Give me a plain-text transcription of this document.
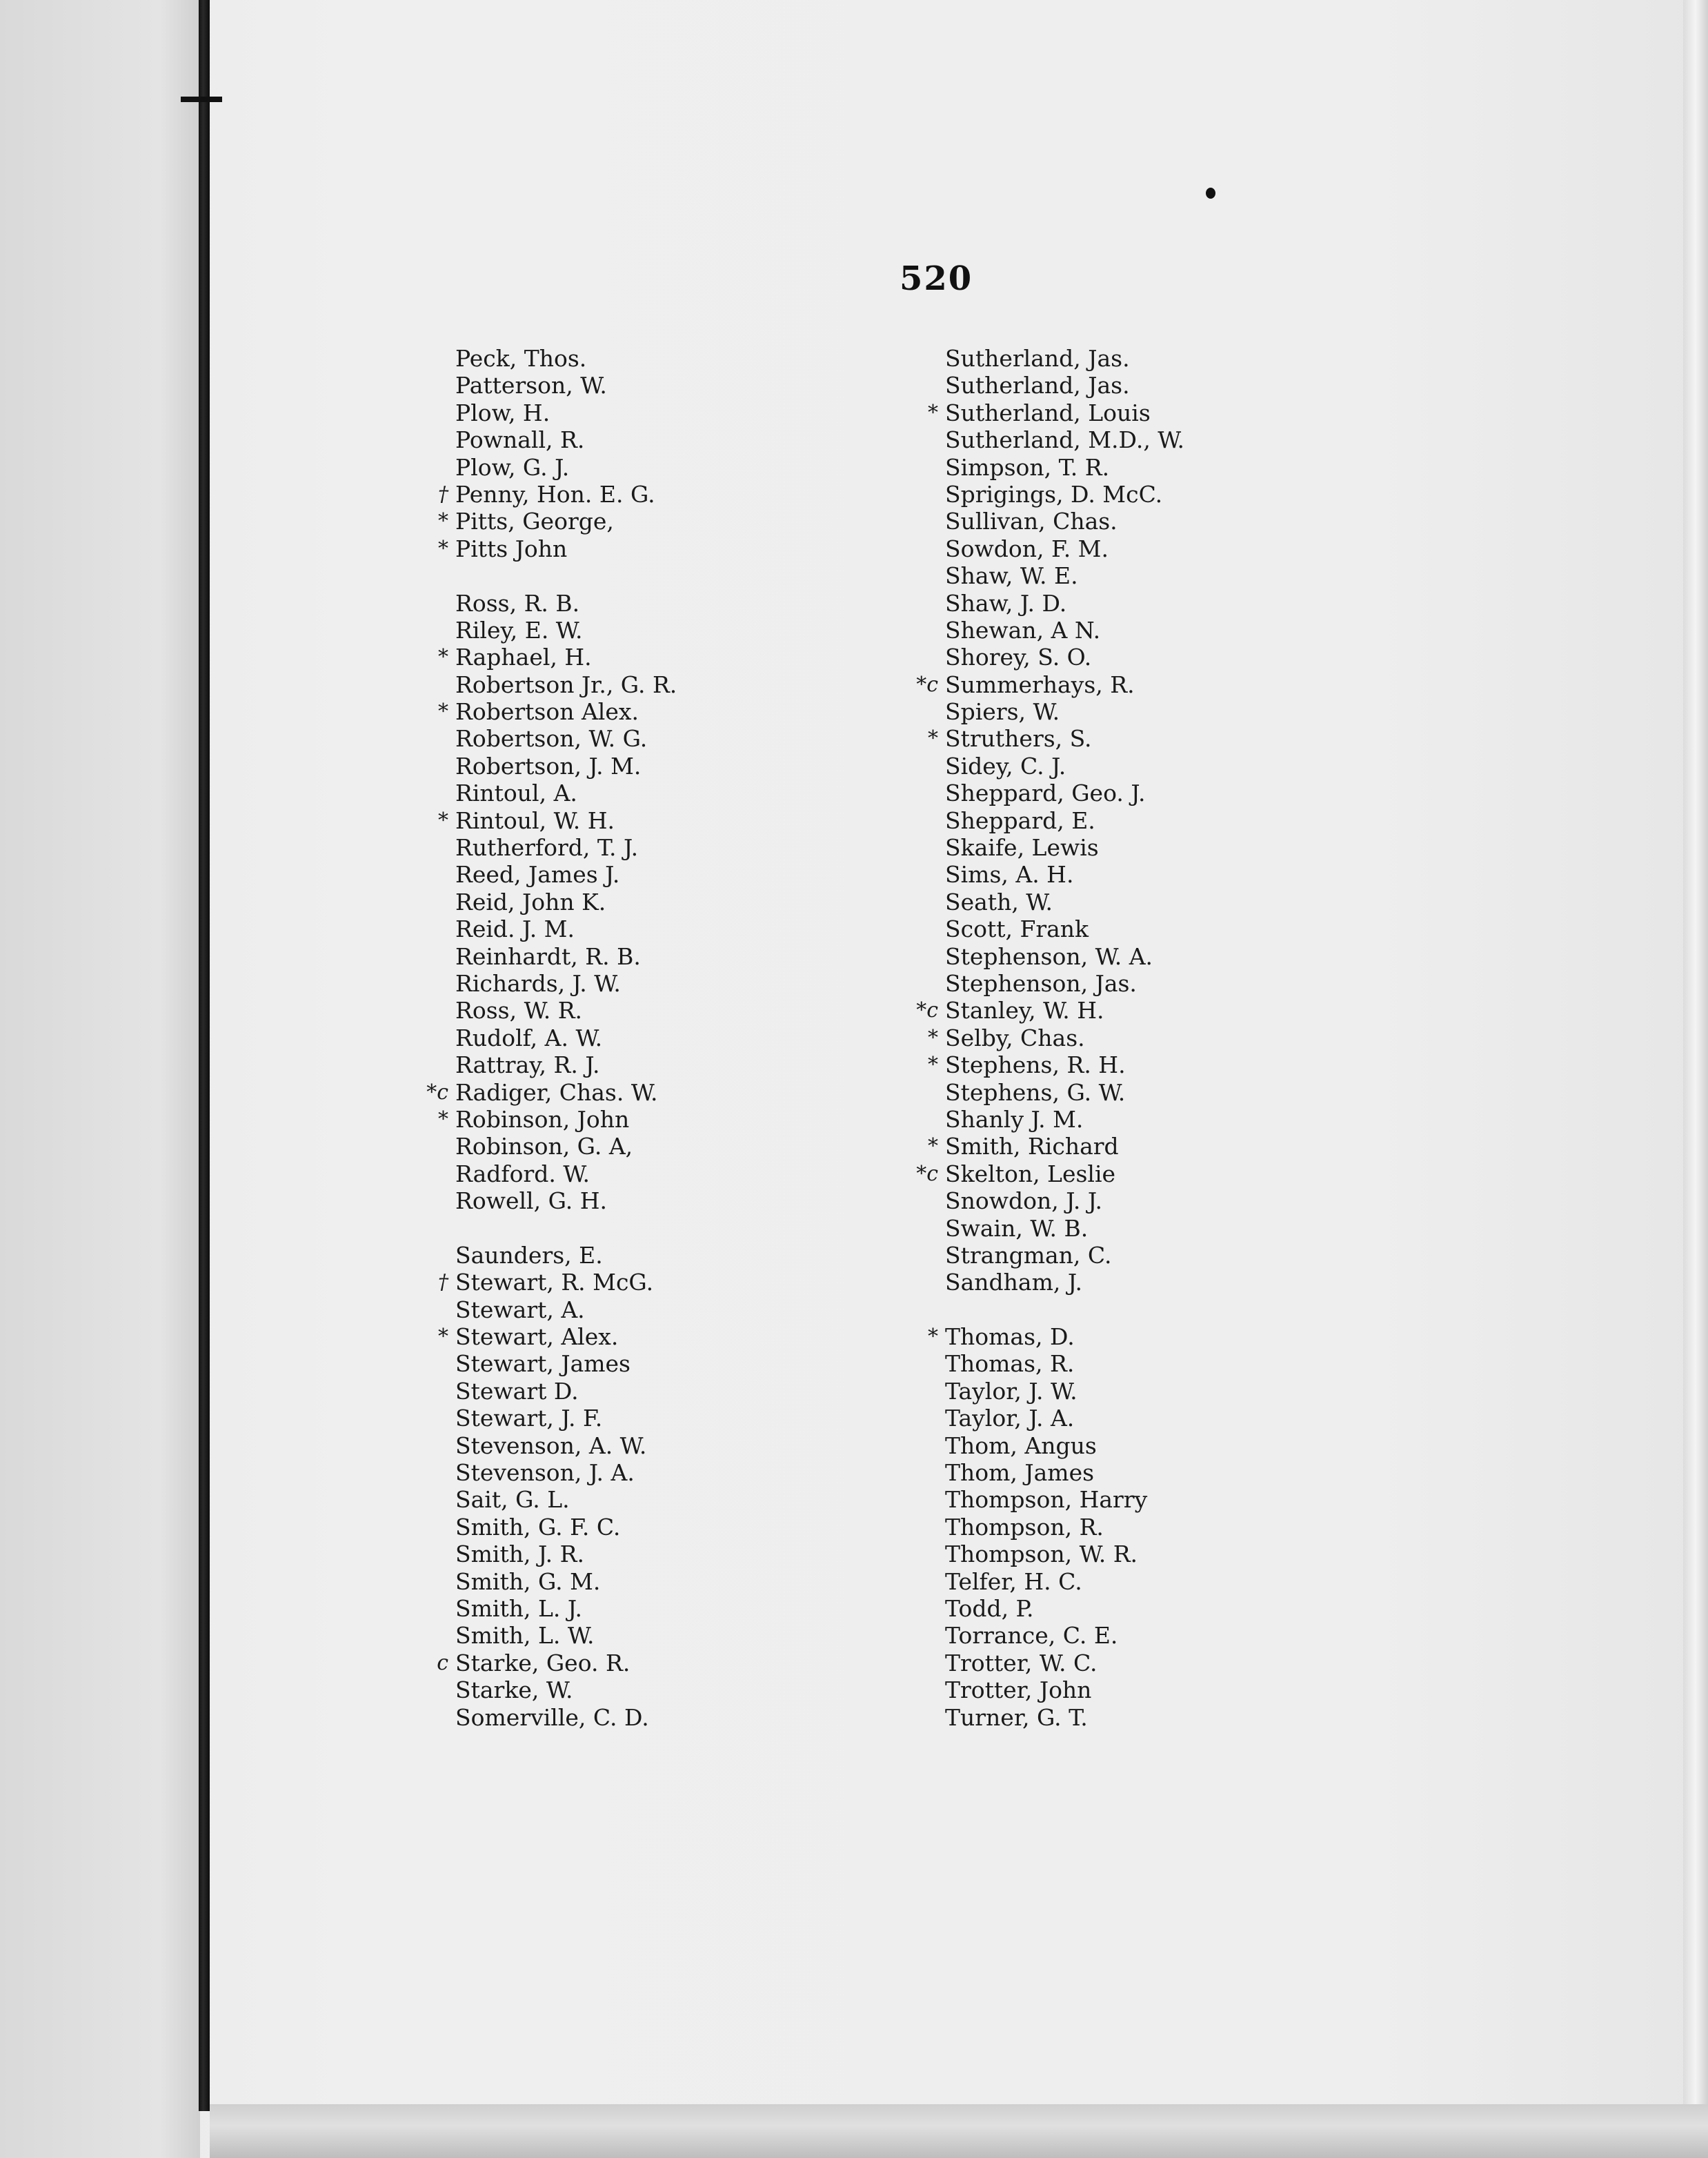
520
Peck, Thos.
Patterson, W.
Plow, H.
Pownall, R.
Plow, G. J.
† Penny, Hon. E. G.
* Pitts, George,
* Pitts John
Ross, R. B.
Riley, E. W.
* Raphael, H.
Robertson Jr., G. R.
* Robertson Alex.
Robertson, W. G.
Robertson, J. M.
Rintoul, A.
* Rintoul, W. H.
Rutherford, T. J.
Reed, James J.
Reid, John K.
Reid. J. M.
Reinhardt, R. B.
Richards, J. W.
Ross, W. R.
Rudolf, A. W.
Rattray, R. J.
*c Radiger, Chas. W.
* Robinson, John
Robinson, G. A,
Radford. W.
Rowell, G. H.
Saunders, E.
† Stewart, R. McG.
Stewart, A.
* Stewart, Alex.
Stewart, James
Stewart D.
Stewart, J. F.
Stevenson, A. W.
Stevenson, J. A.
Sait, G. L.
Smith, G. F. C.
Smith, J. R.
Smith, G. M.
Smith, L. J.
Smith, L. W.
c Starke, Geo. R.
Starke, W.
Somerville, C. D.
Sutherland, Jas.
Sutherland, Jas.
* Sutherland, Louis
Sutherland, M.D., W.
Simpson, T. R.
Sprigings, D. McC.
Sullivan, Chas.
Sowdon, F. M.
Shaw, W. E.
Shaw, J. D.
Shewan, A N.
Shorey, S. O.
*c Summerhays, R.
Spiers, W.
* Struthers, S.
Sidey, C. J.
Sheppard, Geo. J.
Sheppard, E.
Skaife, Lewis
Sims, A. H.
Seath, W.
Scott, Frank
Stephenson, W. A.
Stephenson, Jas.
*c Stanley, W. H.
* Selby, Chas.
* Stephens, R. H.
Stephens, G. W.
Shanly J. M.
* Smith, Richard
*c Skelton, Leslie
Snowdon, J. J.
Swain, W. B.
Strangman, C.
Sandham, J.
* Thomas, D.
Thomas, R.
Taylor, J. W.
Taylor, J. A.
Thom, Angus
Thom, James
Thompson, Harry
Thompson, R.
Thompson, W. R.
Telfer, H. C.
Todd, P.
Torrance, C. E.
Trotter, W. C.
Trotter, John
Turner, G. T.
